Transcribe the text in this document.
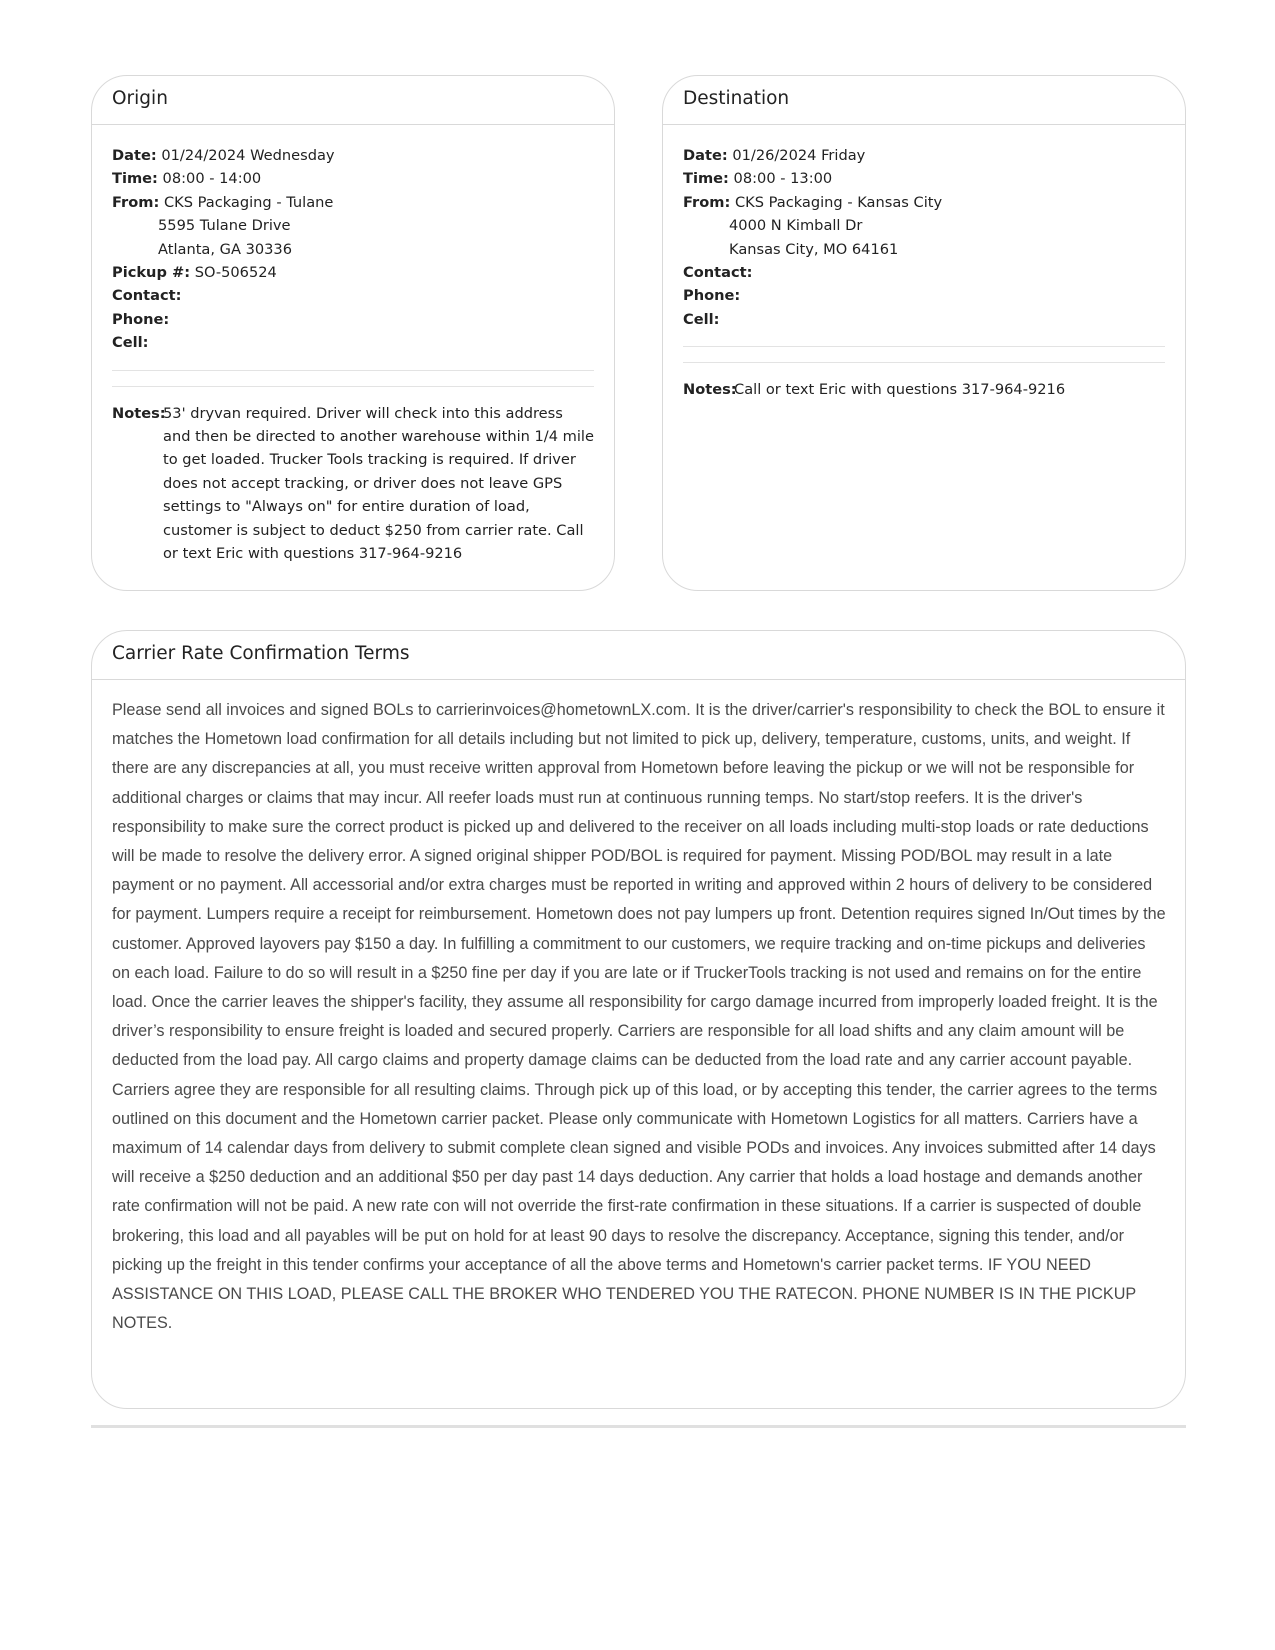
Origin
Date: 01/24/2024 Wednesday
Time: 08:00 - 14:00
From: CKS Packaging - Tulane
5595 Tulane Drive
Atlanta, GA 30336
Pickup #: SO-506524
Contact:
Phone:
Cell:
Notes:
53' dryvan required. Driver will check into this address and then be directed to another warehouse within 1/4 mile to get loaded. Trucker Tools tracking is required. If driver does not accept tracking, or driver does not leave GPS settings to "Always on" for entire duration of load, customer is subject to deduct $250 from carrier rate. Call or text Eric with questions 317-964-9216
Destination
Date: 01/26/2024 Friday
Time: 08:00 - 13:00
From: CKS Packaging - Kansas City
4000 N Kimball Dr
Kansas City, MO 64161
Contact:
Phone:
Cell:
Notes:
Call or text Eric with questions 317-964-9216
Carrier Rate Confirmation Terms
Please send all invoices and signed BOLs to carrierinvoices@hometownLX.com. It is the driver/carrier's responsibility to check the BOL to ensure it matches the Hometown load confirmation for all details including but not limited to pick up, delivery, temperature, customs, units, and weight. If there are any discrepancies at all, you must receive written approval from Hometown before leaving the pickup or we will not be responsible for additional charges or claims that may incur. All reefer loads must run at continuous running temps. No start/stop reefers. It is the driver's responsibility to make sure the correct product is picked up and delivered to the receiver on all loads including multi-stop loads or rate deductions will be made to resolve the delivery error. A signed original shipper POD/BOL is required for payment. Missing POD/BOL may result in a late payment or no payment. All accessorial and/or extra charges must be reported in writing and approved within 2 hours of delivery to be considered for payment. Lumpers require a receipt for reimbursement. Hometown does not pay lumpers up front. Detention requires signed In/Out times by the customer. Approved layovers pay $150 a day. In fulfilling a commitment to our customers, we require tracking and on-time pickups and deliveries on each load. Failure to do so will result in a $250 fine per day if you are late or if TruckerTools tracking is not used and remains on for the entire load. Once the carrier leaves the shipper's facility, they assume all responsibility for cargo damage incurred from improperly loaded freight. It is the driver’s responsibility to ensure freight is loaded and secured properly. Carriers are responsible for all load shifts and any claim amount will be deducted from the load pay. All cargo claims and property damage claims can be deducted from the load rate and any carrier account payable. Carriers agree they are responsible for all resulting claims. Through pick up of this load, or by accepting this tender, the carrier agrees to the terms outlined on this document and the Hometown carrier packet. Please only communicate with Hometown Logistics for all matters. Carriers have a maximum of 14 calendar days from delivery to submit complete clean signed and visible PODs and invoices. Any invoices submitted after 14 days will receive a $250 deduction and an additional $50 per day past 14 days deduction. Any carrier that holds a load hostage and demands another rate confirmation will not be paid. A new rate con will not override the first-rate confirmation in these situations. If a carrier is suspected of double brokering, this load and all payables will be put on hold for at least 90 days to resolve the discrepancy. Acceptance, signing this tender, and/or picking up the freight in this tender confirms your acceptance of all the above terms and Hometown's carrier packet terms. IF YOU NEED ASSISTANCE ON THIS LOAD, PLEASE CALL THE BROKER WHO TENDERED YOU THE RATECON. PHONE NUMBER IS IN THE PICKUP NOTES.
